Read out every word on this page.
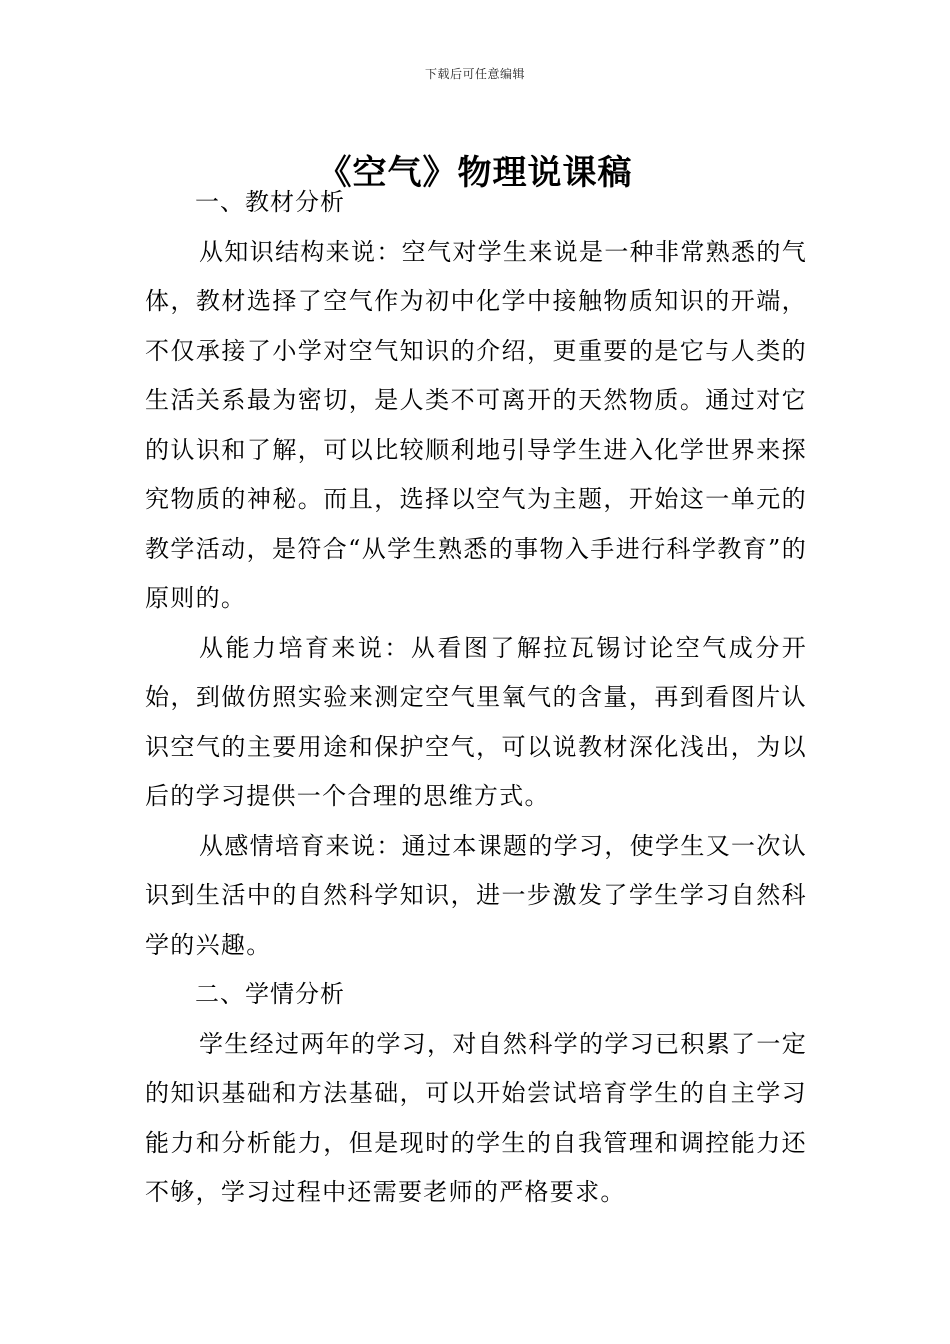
下载后可任意编辑
《空气》物理说课稿
一、教材分析

从知识结构来说：空气对学生来说是一种非常熟悉的气体，教材选择了空气作为初中化学中接触物质知识的开端，不仅承接了小学对空气知识的介绍，更重要的是它与人类的生活关系最为密切，是人类不可离开的天然物质。通过对它的认识和了解，可以比较顺利地引导学生进入化学世界来探究物质的神秘。而且，选择以空气为主题，开始这一单元的教学活动，是符合“从学生熟悉的事物入手进行科学教育”的原则的。

从能力培育来说：从看图了解拉瓦锡讨论空气成分开始，到做仿照实验来测定空气里氧气的含量，再到看图片认识空气的主要用途和保护空气，可以说教材深化浅出，为以后的学习提供一个合理的思维方式。

从感情培育来说：通过本课题的学习，使学生又一次认识到生活中的自然科学知识，进一步激发了学生学习自然科学的兴趣。

二、学情分析

学生经过两年的学习，对自然科学的学习已积累了一定的知识基础和方法基础，可以开始尝试培育学生的自主学习能力和分析能力，但是现时的学生的自我管理和调控能力还不够，学习过程中还需要老师的严格要求。
